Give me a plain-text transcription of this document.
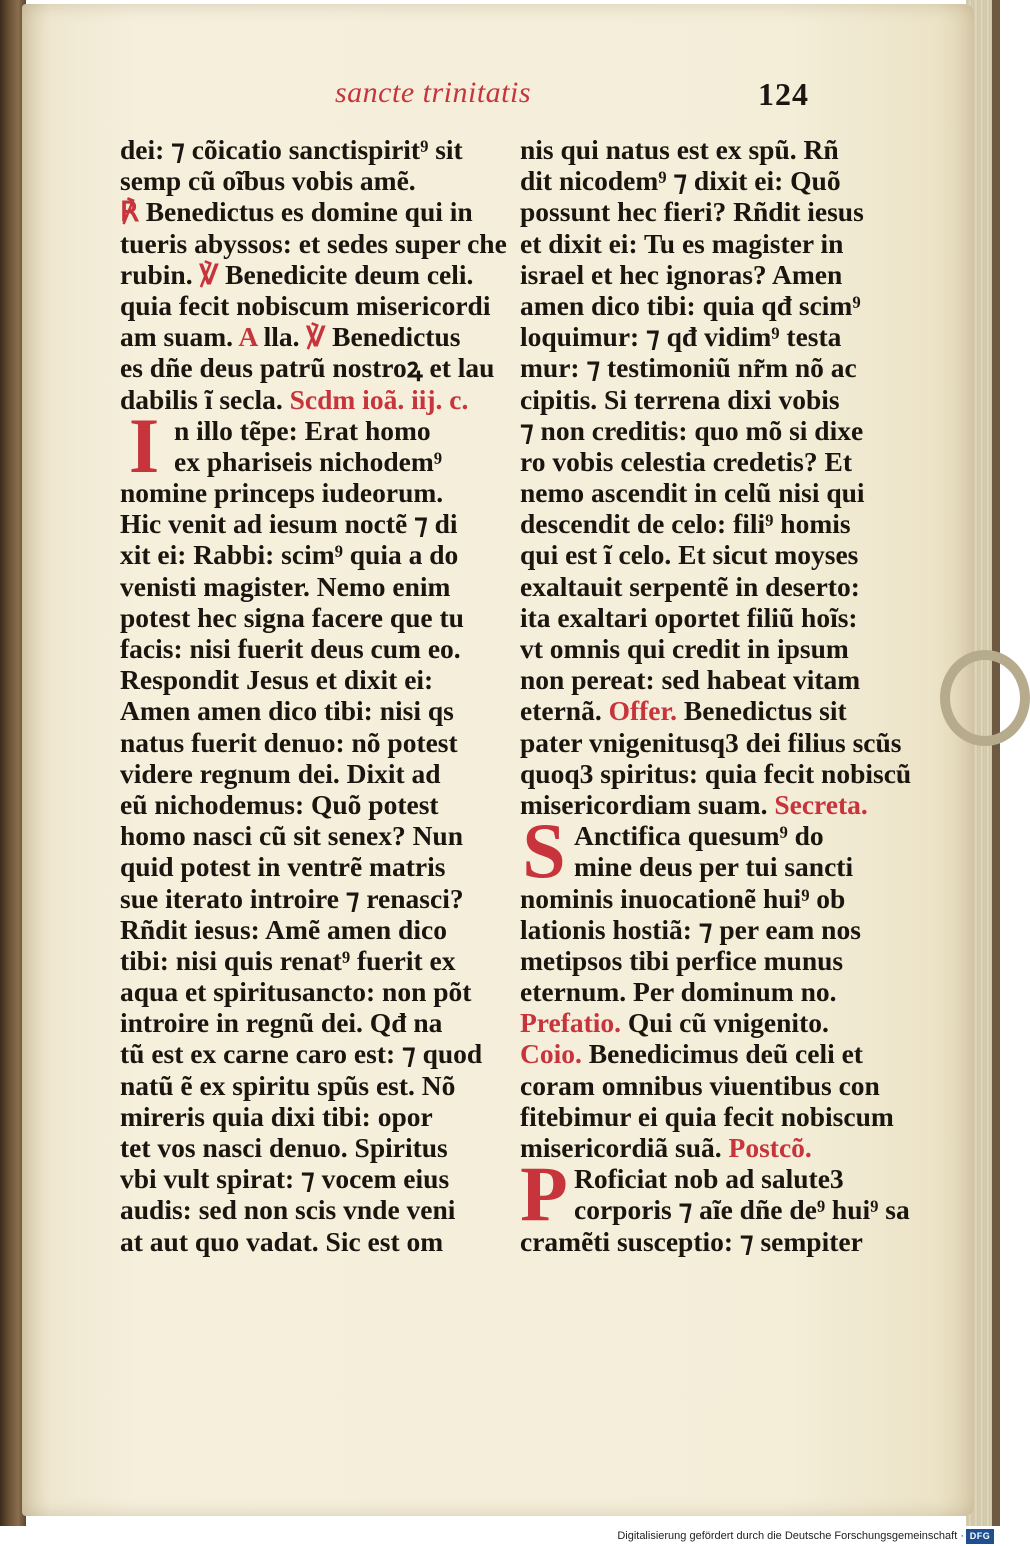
sancte trinitatis	124
dei: ⁊ cõicatio sanctispirit⁹ sit
semp cũ oĩbus vobis amẽ.
℟ Benedictus es domine qui in
tueris abyssos: et sedes super che
rubin. ℣ Benedicite deum celi.
quia fecit nobiscum misericordi
am suam. A lla. ℣ Benedictus
es dñe deus patrũ nostroꝝ et lau
dabilis ĩ secla. Scdm ioã. iij. c.
In illo tẽpe: Erat homo
ex phariseis nichodem⁹
nomine princeps iudeorum.
Hic venit ad iesum noctẽ ⁊ di
xit ei: Rabbi: scim⁹ quia a do
venisti magister. Nemo enim
potest hec signa facere que tu
facis: nisi fuerit deus cum eo.
Respondit Jesus et dixit ei:
Amen amen dico tibi: nisi qs
natus fuerit denuo: nõ potest
videre regnum dei. Dixit ad
eũ nichodemus: Quõ potest
homo nasci cũ sit senex? Nun
quid potest in ventrẽ matris
sue iterato introire ⁊ renasci?
Rñdit iesus: Amẽ amen dico
tibi: nisi quis renat⁹ fuerit ex
aqua et spiritusancto: non põt
introire in regnũ dei. Qđ na
tũ est ex carne caro est: ⁊ quod
natũ ẽ ex spiritu spũs est. Nõ
mireris quia dixi tibi: opor
tet vos nasci denuo. Spiritus
vbi vult spirat: ⁊ vocem eius
audis: sed non scis vnde veni
at aut quo vadat. Sic est om
nis qui natus est ex spũ. Rñ
dit nicodem⁹ ⁊ dixit ei: Quõ
possunt hec fieri? Rñdit iesus
et dixit ei: Tu es magister in
israel et hec ignoras? Amen
amen dico tibi: quia qđ scim⁹
loquimur: ⁊ qđ vidim⁹ testa
mur: ⁊ testimoniũ nr̃m nõ ac
cipitis. Si terrena dixi vobis
⁊ non creditis: quo mõ si dixe
ro vobis celestia credetis? Et
nemo ascendit in celũ nisi qui
descendit de celo: fili⁹ homis
qui est ĩ celo. Et sicut moyses
exaltauit serpentẽ in deserto:
ita exaltari oportet filiũ hoĩs:
vt omnis qui credit in ipsum
non pereat: sed habeat vitam
eternã. Offer. Benedictus sit
pater vnigenitusq3 dei filius scũs
quoq3 spiritus: quia fecit nobiscũ
misericordiam suam. Secreta.
S Anctifica quesum⁹ do
mine deus per tui sancti
nominis inuocationẽ hui⁹ ob
lationis hostiã: ⁊ per eam nos
metipsos tibi perfice munus
eternum. Per dominum no.
Prefatio. Qui cũ vnigenito.
Coio. Benedicimus deũ celi et
coram omnibus viuentibus con
fitebimur ei quia fecit nobiscum
misericordiã suã. Postcõ.
P Roficiat nob ad salute3
corporis ⁊ aĩe dñe de⁹ hui⁹ sa
cramẽti susceptio: ⁊ sempiter
Digitalisierung gefördert durch die Deutsche Forschungsgemeinschaft · DFG
